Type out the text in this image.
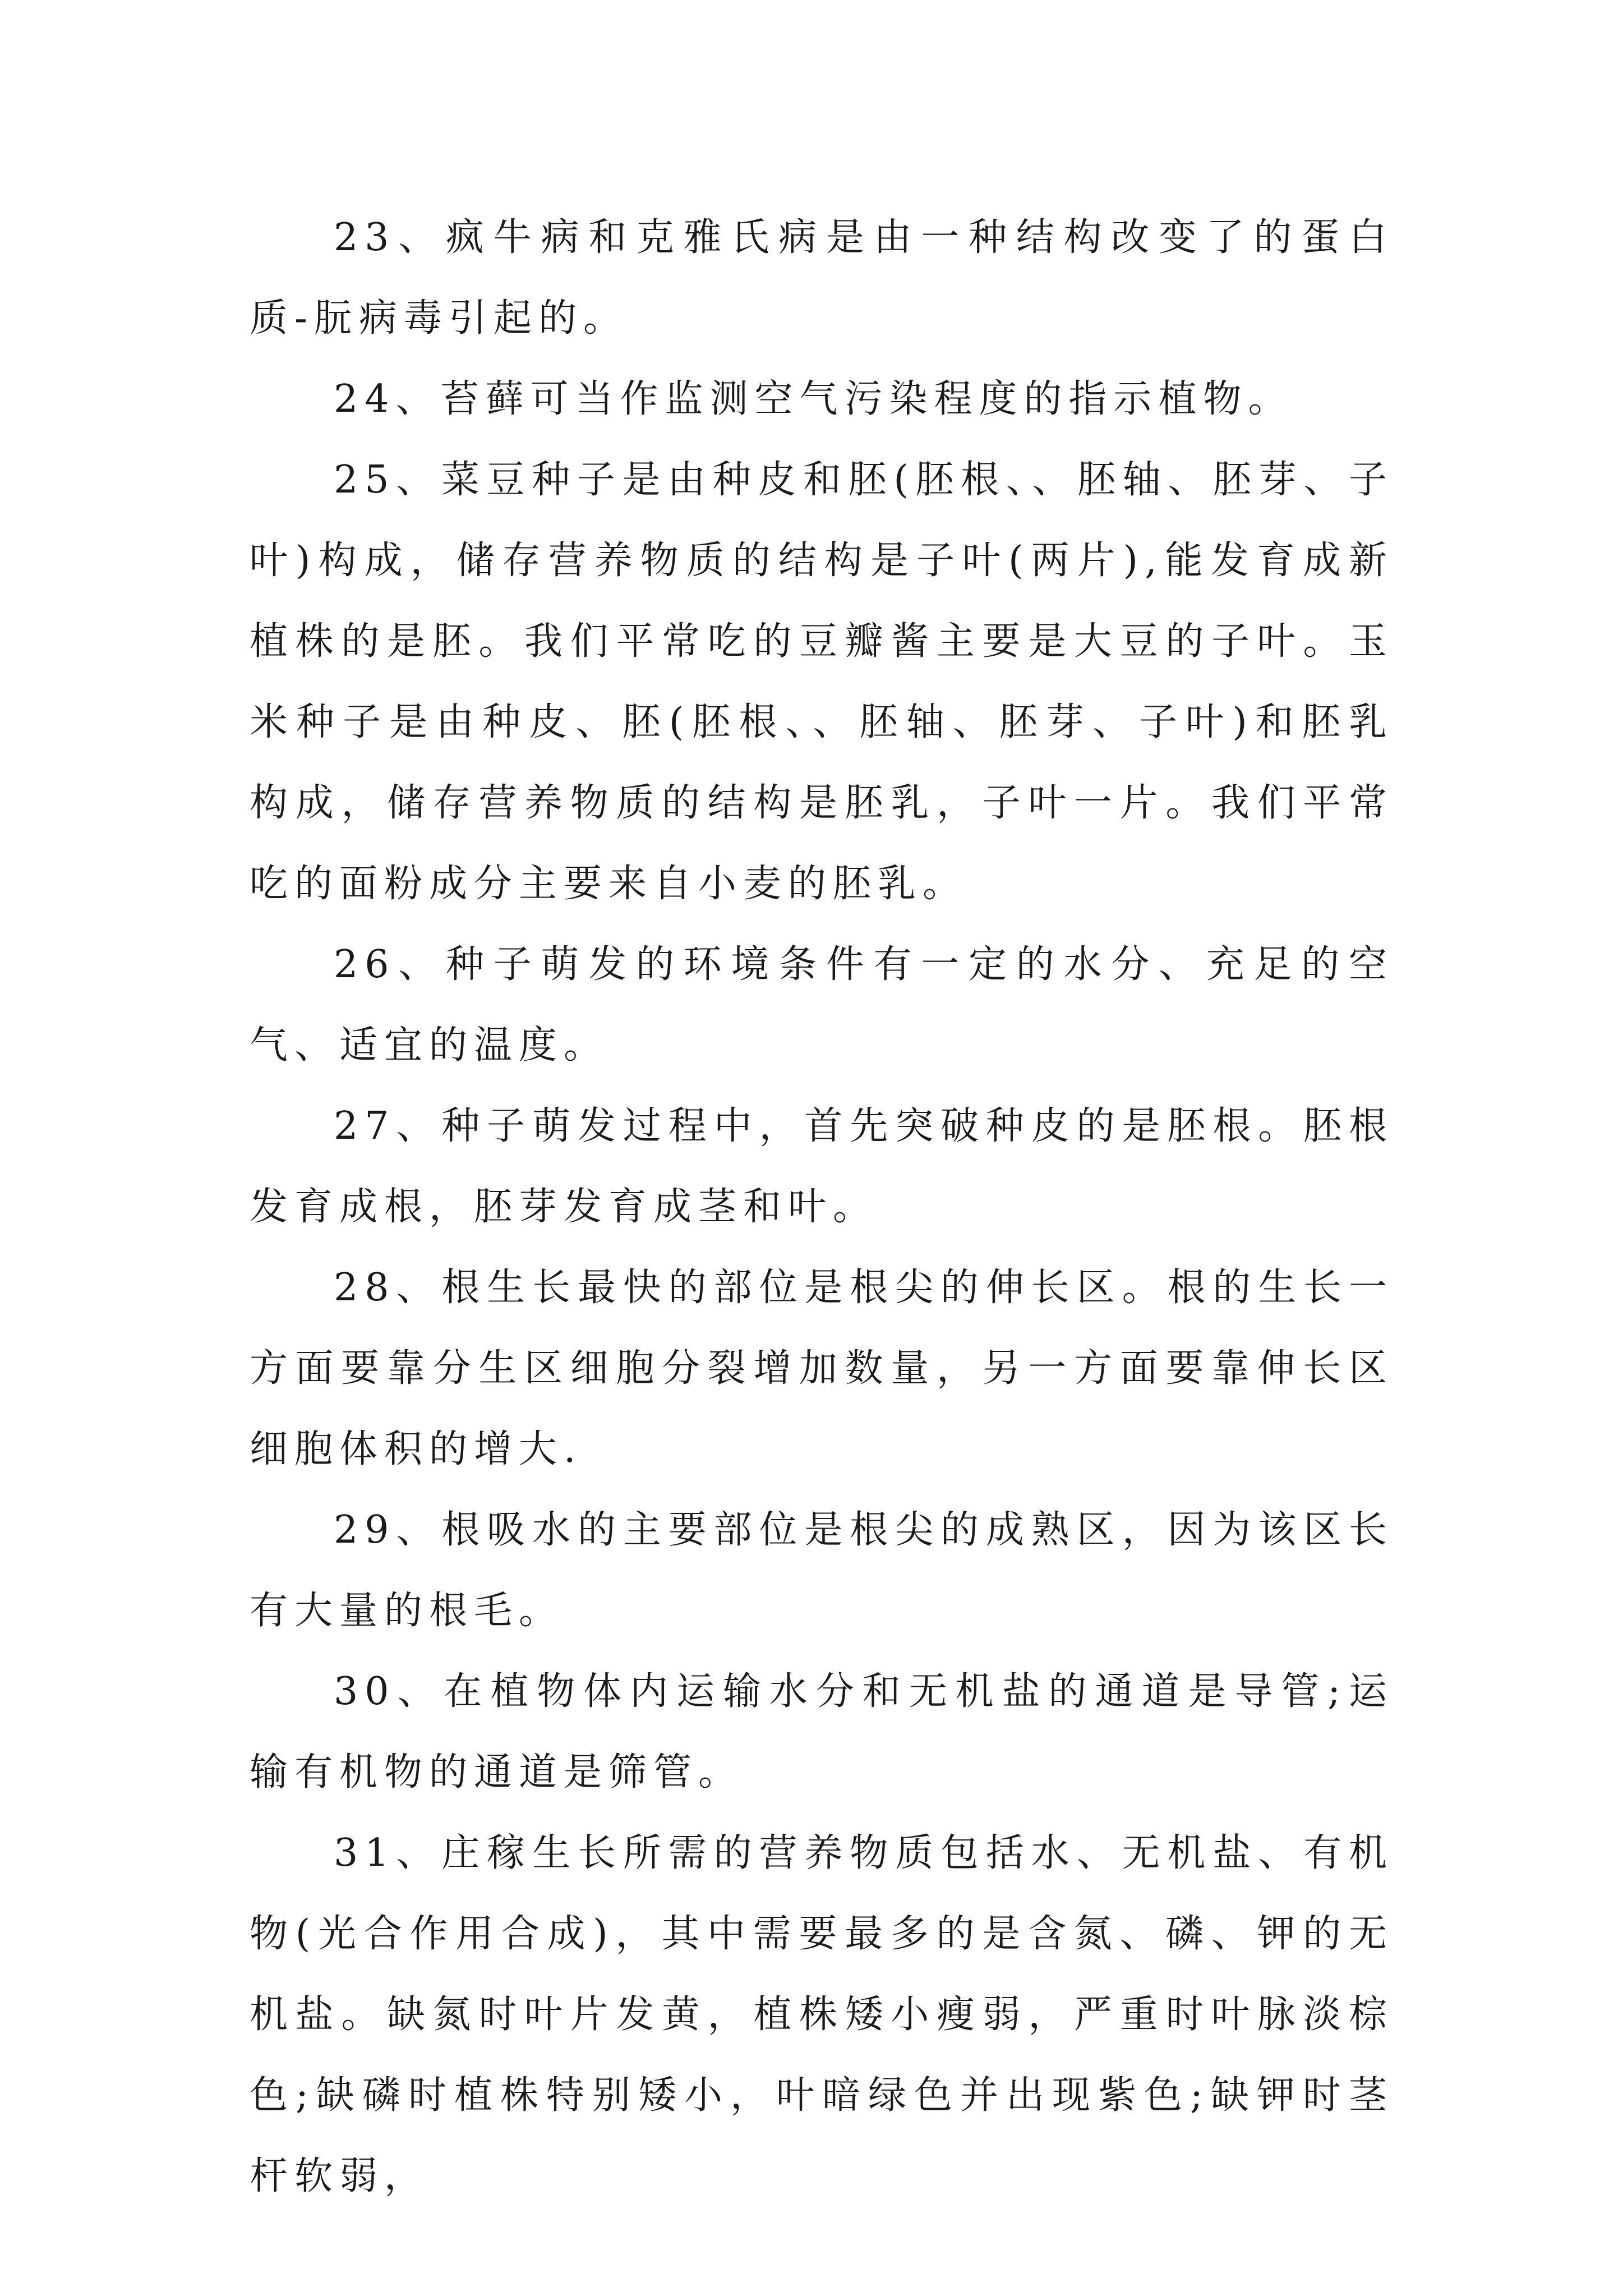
23、疯牛病和克雅氏病是由一种结构改变了的蛋白质-朊病毒引起的。

24、苔藓可当作监测空气污染程度的指示植物。

25、菜豆种子是由种皮和胚(胚根、、胚轴、胚芽、子叶)构成，储存营养物质的结构是子叶(两片),能发育成新植株的是胚。我们平常吃的豆瓣酱主要是大豆的子叶。玉米种子是由种皮、胚(胚根、、胚轴、胚芽、子叶)和胚乳构成，储存营养物质的结构是胚乳，子叶一片。我们平常吃的面粉成分主要来自小麦的胚乳。

26、种子萌发的环境条件有一定的水分、充足的空气、适宜的温度。

27、种子萌发过程中，首先突破种皮的是胚根。胚根发育成根，胚芽发育成茎和叶。

28、根生长最快的部位是根尖的伸长区。根的生长一方面要靠分生区细胞分裂增加数量，另一方面要靠伸长区细胞体积的增大.

29、根吸水的主要部位是根尖的成熟区，因为该区长有大量的根毛。

30、在植物体内运输水分和无机盐的通道是导管;运输有机物的通道是筛管。

31、庄稼生长所需的营养物质包括水、无机盐、有机物(光合作用合成)，其中需要最多的是含氮、磷、钾的无机盐。缺氮时叶片发黄，植株矮小瘦弱，严重时叶脉淡棕色;缺磷时植株特别矮小，叶暗绿色并出现紫色;缺钾时茎杆软弱，
